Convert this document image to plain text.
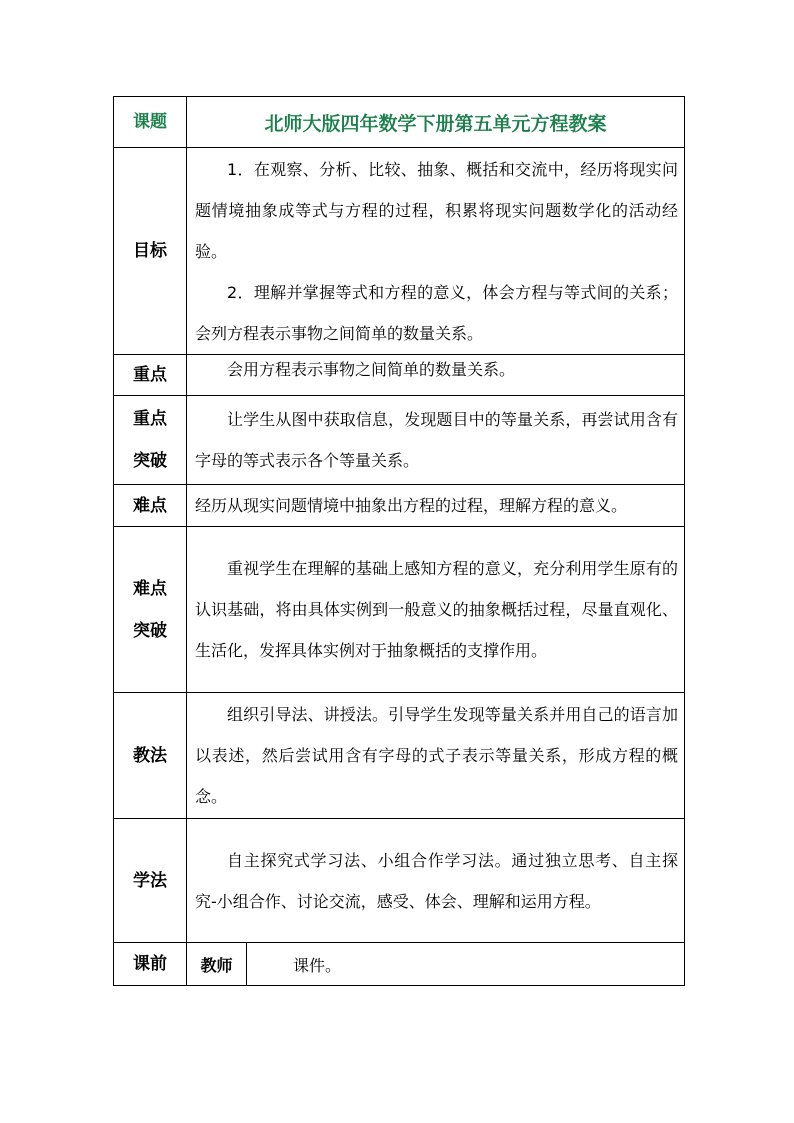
课题	北师大版四年数学下册第五单元方程教案	
目标	1．在观察、分析、比较、抽象、概括和交流中，经历将现实问题情境抽象成等式与方程的过程，积累将现实问题数学化的活动经验。

2．理解并掌握等式和方程的意义，体会方程与等式间的关系；会列方程表示事物之间简单的数量关系。	

重点	会用方程表示事物之间简单的数量关系。	

重点
突破	让学生从图中获取信息，发现题目中的等量关系，再尝试用含有字母的等式表示各个等量关系。	

难点	经历从现实问题情境中抽象出方程的过程，理解方程的意义。	

难点
突破	重视学生在理解的基础上感知方程的意义，充分利用学生原有的认识基础，将由具体实例到一般意义的抽象概括过程，尽量直观化、生活化，发挥具体实例对于抽象概括的支撑作用。	

教法	组织引导法、讲授法。引导学生发现等量关系并用自己的语言加以表述，然后尝试用含有字母的式子表示等量关系，形成方程的概念。	

学法	自主探究式学习法、小组合作学习法。通过独立思考、自主探究-小组合作、讨论交流，感受、体会、理解和运用方程。	

课前	教师	课件。
